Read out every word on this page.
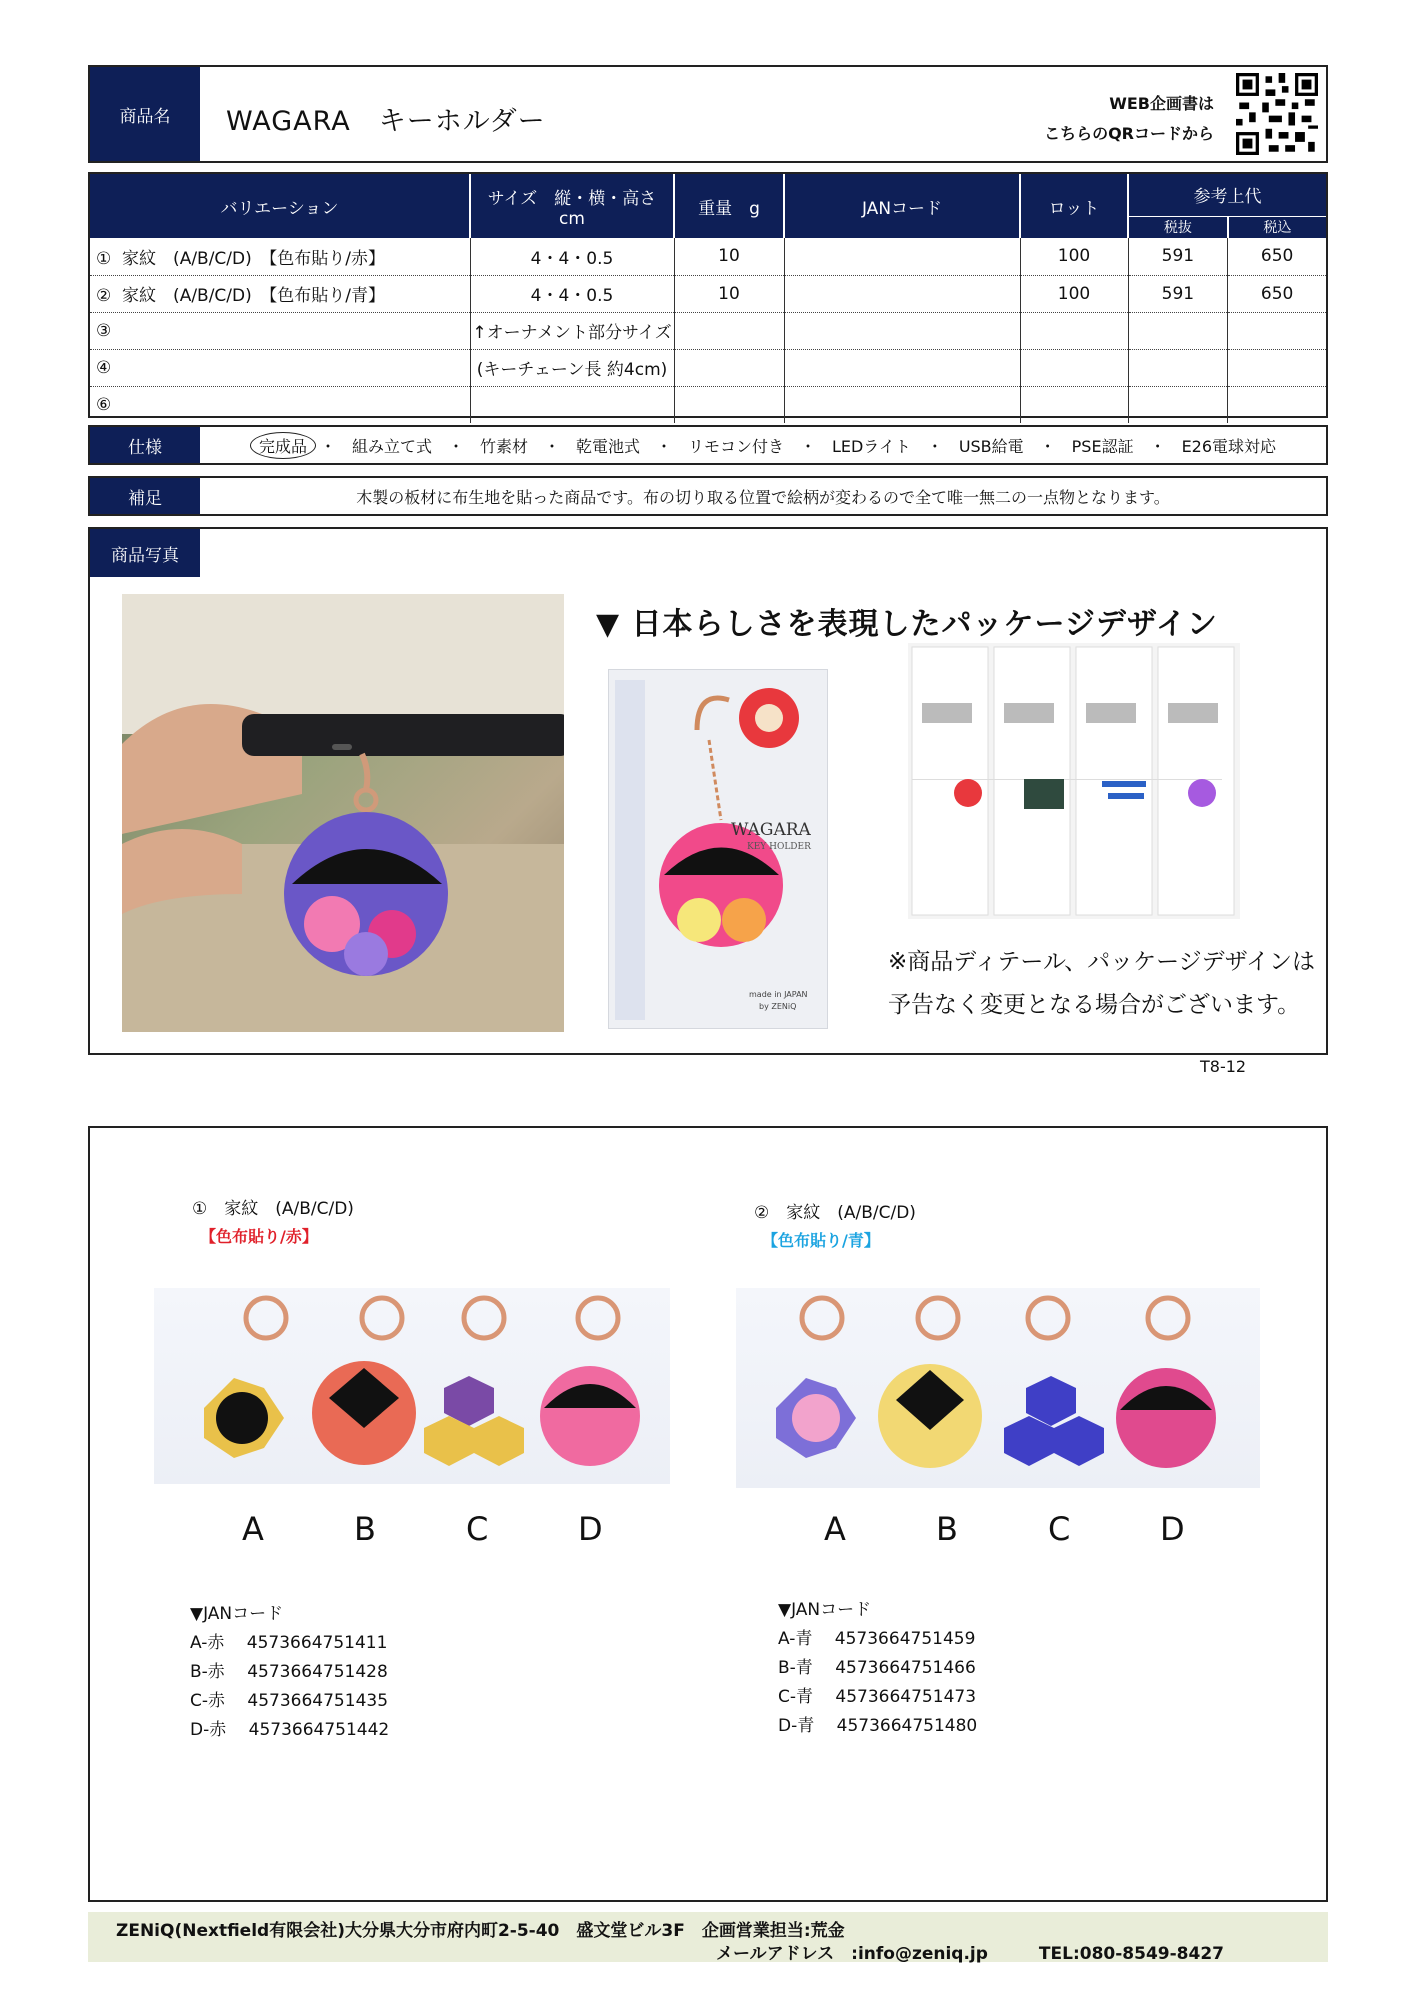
商品名	WAGARA　キーホルダー
WEB企画書は
こちらのQRコードから
バリエーション	サイズ　縦・横・高さ　cm	重量　g	JANコード	ロット	参考上代	
					税抜	税込
①  家紋　(A/B/C/D)　【色布貼り/赤】	4・4・0.5	10		100	591	650
②  家紋　(A/B/C/D)　【色布貼り/青】	4・4・0.5	10		100	591	650
③	↑オーナメント部分サイズ					
④	(キーチェーン長 約4cm)					
⑥						
仕様	完成品 ・　組み立て式　・　竹素材　・　乾電池式　・　リモコン付き　・　LEDライト　・　USB給電　・　PSE認証　・　E26電球対応
補足	木製の板材に布生地を貼った商品です。布の切り取る位置で絵柄が変わるので全て唯一無二の一点物となります。
商品写真
▼ 日本らしさを表現したパッケージデザイン
WAGARA
KEY HOLDER
made in JAPAN
by ZENiQ
※商品ディテール、パッケージデザインは
予告なく変更となる場合がございます。
T8-12
①　家紋　(A/B/C/D)
【色布貼り/赤】
A	B	C	D
▼JANコード
A-赤　 4573664751411
B-赤　 4573664751428
C-赤　 4573664751435
D-赤　 4573664751442
②　家紋　(A/B/C/D)
【色布貼り/青】
A	B	C	D
▼JANコード
A-青　 4573664751459
B-青　 4573664751466
C-青　 4573664751473
D-青　 4573664751480
ZENiQ(Nextfield有限会社)大分県大分市府内町2-5-40　盛文堂ビル3F　企画営業担当:荒金
メールアドレス　:info@zeniq.jp　　　TEL:080-8549-8427
